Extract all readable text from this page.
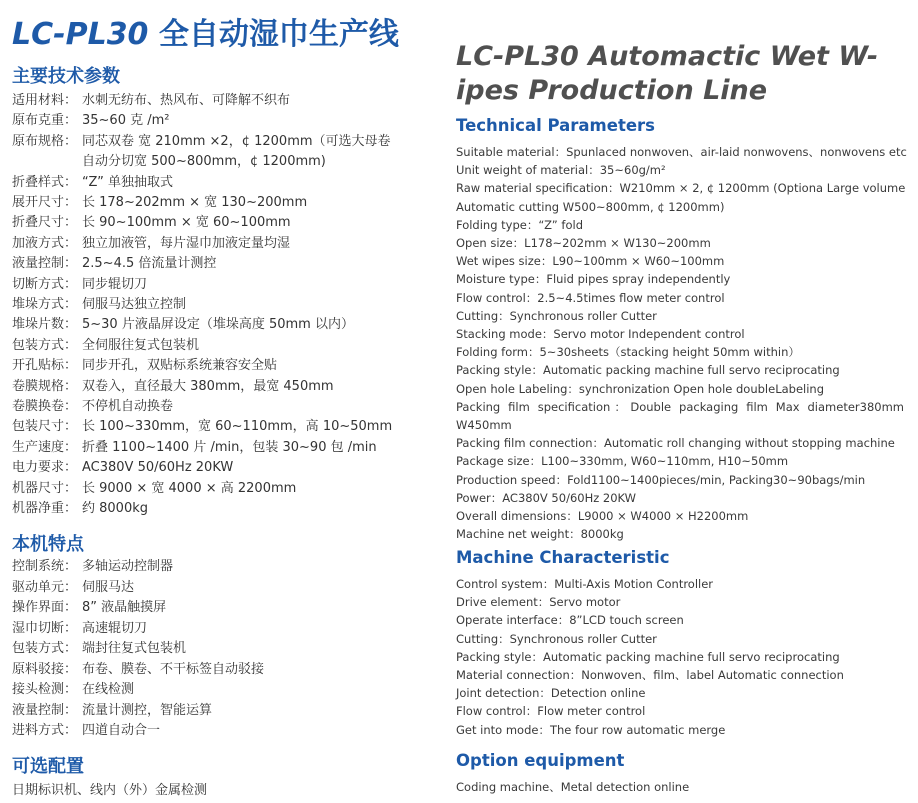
LC-PL30 全自动湿巾生产线
LC-PL30 Automactic Wet W-ipes Production Line
主要技术参数
本机特点
可选配置
日期标识机、线内（外）金属检测
Technical Parameters
Machine Characteristic
Option equipment
Coding machine、Metal detection online
适用材料： 水刺无纺布、热风布、可降解不织布
原布克重： 35~60 克 /m²
原布规格： 同芯双卷 宽 210mm ×2，¢ 1200mm（可选大母卷
自动分切宽 500~800mm，¢ 1200mm)
折叠样式： “Z” 单独抽取式
展开尺寸： 长 178~202mm × 宽 130~200mm
折叠尺寸： 长 90~100mm × 宽 60~100mm
加液方式： 独立加液管，每片湿巾加液定量均湿
液量控制： 2.5~4.5 倍流量计测控
切断方式： 同步辊切刀
堆垛方式： 伺服马达独立控制
堆垛片数： 5~30 片液晶屏设定（堆垛高度 50mm 以内）
包装方式： 全伺服往复式包装机
开孔贴标： 同步开孔，双贴标系统兼容安全贴
卷膜规格： 双卷入，直径最大 380mm，最宽 450mm
卷膜换卷： 不停机自动换卷
包装尺寸： 长 100~330mm，宽 60~110mm，高 10~50mm
生产速度： 折叠 1100~1400 片 /min，包装 30~90 包 /min
电力要求： AC380V 50/60Hz 20KW
机器尺寸： 长 9000 × 宽 4000 × 高 2200mm
机器净重： 约 8000kg
控制系统： 多轴运动控制器
驱动单元： 伺服马达
操作界面： 8” 液晶触摸屏
湿巾切断： 高速辊切刀
包装方式： 端封往复式包装机
原料驳接： 布卷、膜卷、不干标签自动驳接
接头检测： 在线检测
液量控制： 流量计测控，智能运算
进料方式： 四道自动合一
Suitable material：Spunlaced nonwoven、air-laid nonwovens、nonwovens etc
Unit weight of material：35~60g/m²
Raw material specification：W210mm × 2, ¢ 1200mm (Optiona Large volume
Automatic cutting W500~800mm, ¢ 1200mm)
Folding type：“Z” fold
Open size：L178~202mm × W130~200mm
Wet wipes size：L90~100mm × W60~100mm
Moisture type：Fluid pipes spray independently
Flow control：2.5~4.5times flow meter control
Cutting：Synchronous roller Cutter
Stacking mode：Servo motor Independent control
Folding form：5~30sheets（stacking height 50mm within）
Packing style：Automatic packing machine full servo reciprocating
Open hole Labeling：synchronization Open hole doubleLabeling
Packing film specification：Double packaging film Max diameter380mm
W450mm
Packing film connection：Automatic roll changing without stopping machine
Package size：L100~330mm, W60~110mm, H10~50mm
Production speed：Fold1100~1400pieces/min, Packing30~90bags/min
Power：AC380V 50/60Hz 20KW
Overall dimensions：L9000 × W4000 × H2200mm
Machine net weight：8000kg
Control system：Multi-Axis Motion Controller
Drive element：Servo motor
Operate interface：8”LCD touch screen
Cutting：Synchronous roller Cutter
Packing style：Automatic packing machine full servo reciprocating
Material connection：Nonwoven、film、label Automatic connection
Joint detection：Detection online
Flow control：Flow meter control
Get into mode：The four row automatic merge
